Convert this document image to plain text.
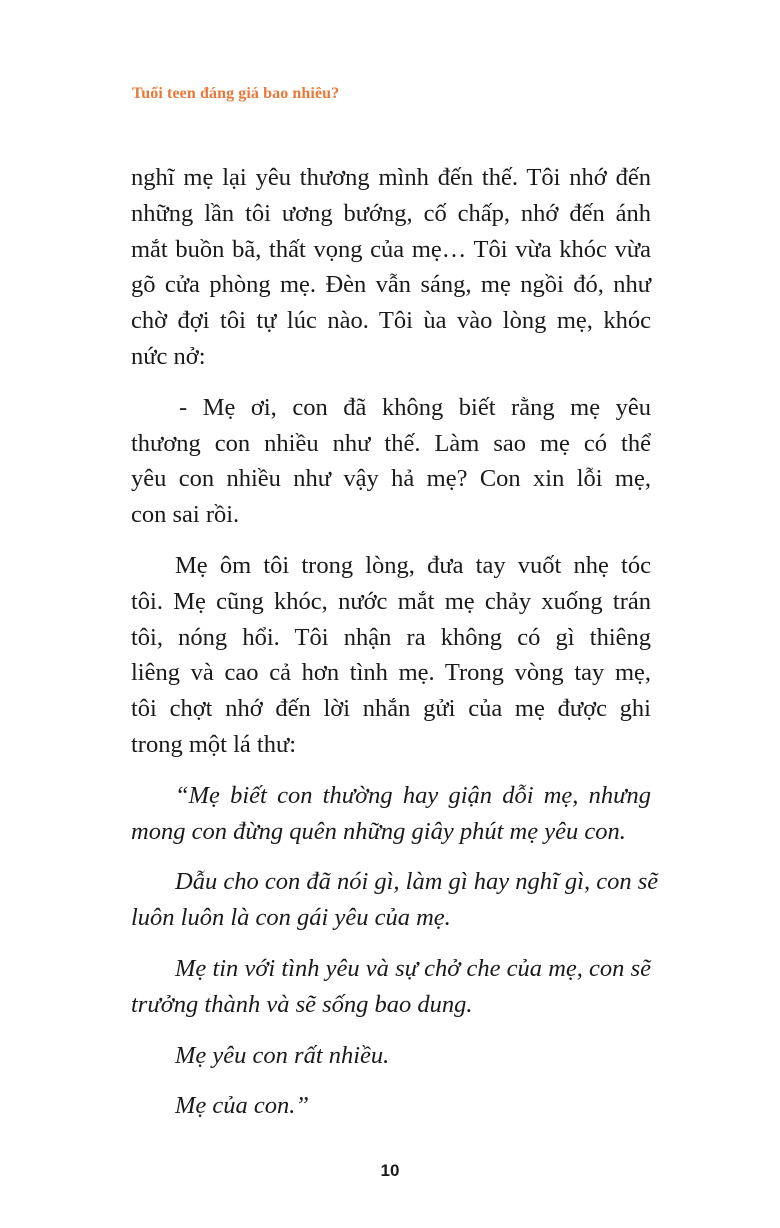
Tuổi teen đáng giá bao nhiêu?
nghĩ mẹ lại yêu thương mình đến thế. Tôi nhớ đến
những lần tôi ương bướng, cố chấp, nhớ đến ánh
mắt buồn bã, thất vọng của mẹ… Tôi vừa khóc vừa
gõ cửa phòng mẹ. Đèn vẫn sáng, mẹ ngồi đó, như
chờ đợi tôi tự lúc nào. Tôi ùa vào lòng mẹ, khóc
nức nở:
- Mẹ ơi, con đã không biết rằng mẹ yêu
thương con nhiều như thế. Làm sao mẹ có thể
yêu con nhiều như vậy hả mẹ? Con xin lỗi mẹ,
con sai rồi.
Mẹ ôm tôi trong lòng, đưa tay vuốt nhẹ tóc
tôi. Mẹ cũng khóc, nước mắt mẹ chảy xuống trán
tôi, nóng hổi. Tôi nhận ra không có gì thiêng
liêng và cao cả hơn tình mẹ. Trong vòng tay mẹ,
tôi chợt nhớ đến lời nhắn gửi của mẹ được ghi
trong một lá thư:
“Mẹ biết con thường hay giận dỗi mẹ, nhưng
mong con đừng quên những giây phút mẹ yêu con.
Dẫu cho con đã nói gì, làm gì hay nghĩ gì, con sẽ
luôn luôn là con gái yêu của mẹ.
Mẹ tin với tình yêu và sự chở che của mẹ, con sẽ
trưởng thành và sẽ sống bao dung.
Mẹ yêu con rất nhiều.
Mẹ của con.”
10
